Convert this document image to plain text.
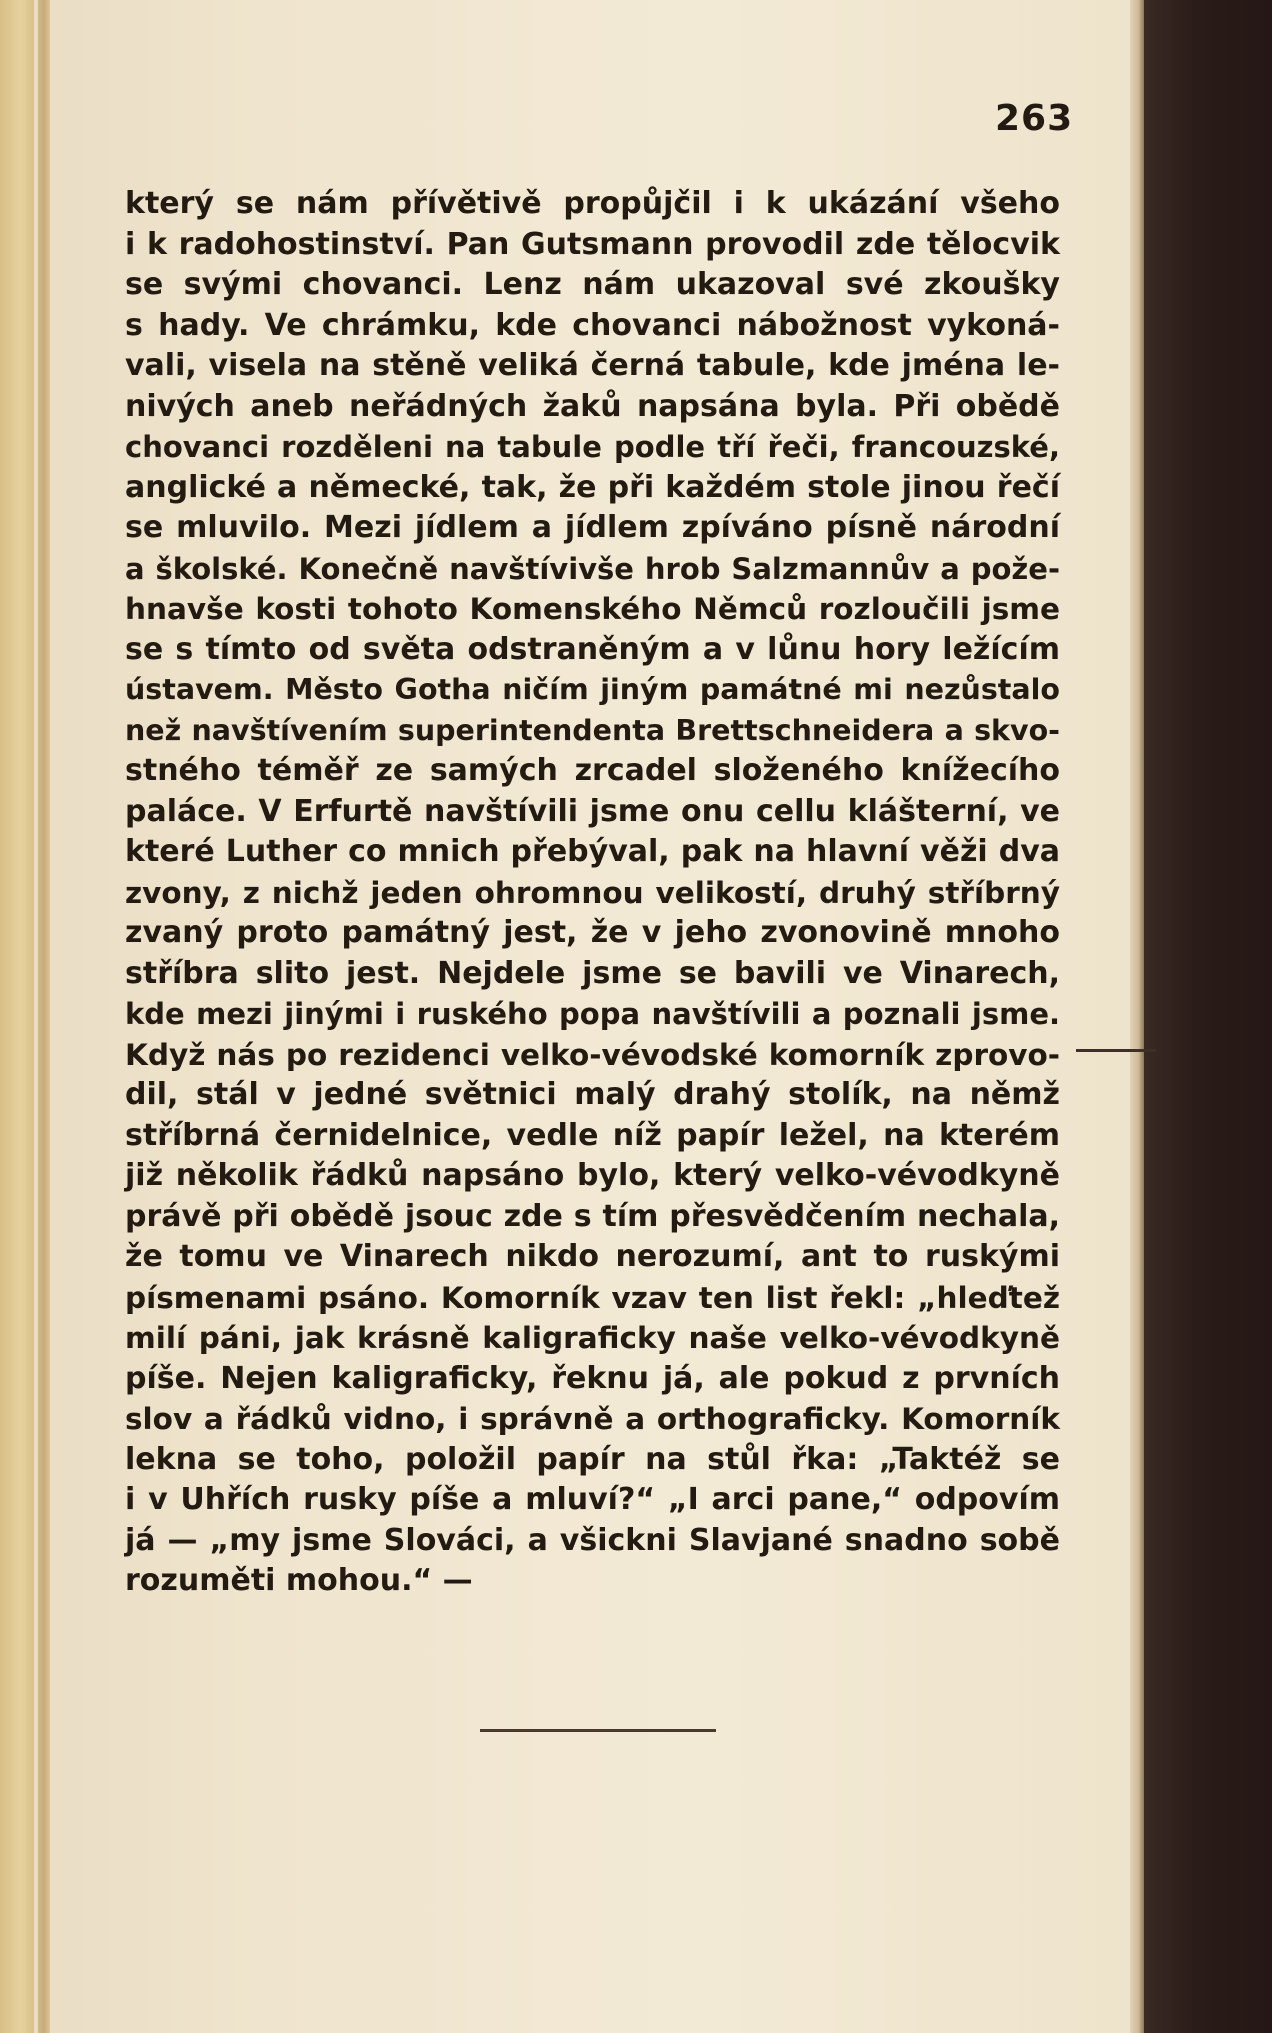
263
který se nám přívětivě propůjčil i k ukázání všeho
i k radohostinství. Pan Gutsmann provodil zde tělocvik
se svými chovanci. Lenz nám ukazoval své zkoušky
s hady. Ve chrámku, kde chovanci nábožnost vykoná-
vali, visela na stěně veliká černá tabule, kde jména le-
nivých aneb neřádných žaků napsána byla. Při obědě
chovanci rozděleni na tabule podle tří řeči, francouzské,
anglické a německé, tak, že při každém stole jinou řečí
se mluvilo. Mezi jídlem a jídlem zpíváno písně národní
a školské. Konečně navštívivše hrob Salzmannův a požе-
hnavše kosti tohoto Komenského Němců rozloučili jsme
se s tímto od světa odstraněným a v lůnu hory ležícím
ústavem. Město Gotha ničím jiným památné mi nezůstalo
než navštívením superintendenta Brettschneidera a skvo-
stného téměř ze samých zrcadel složeného knížecího
paláce. V Erfurtě navštívili jsme onu cellu klášterní, ve
které Luther co mnich přebýval, pak na hlavní věži dva
zvony, z nichž jeden ohromnou velikostí, druhý stříbrný
zvaný proto památný jest, že v jeho zvonovině mnoho
stříbra slito jest. Nejdele jsme se bavili ve Vinarech,
kde mezi jinými i ruského popa navštívili a poznali jsme.
Když nás po rezidenci velko-vévodské komorník zprovo-
dil, stál v jedné světnici malý drahý stolík, na němž
stříbrná černidelnice, vedle níž papír ležel, na kterém
již několik řádků napsáno bylo, který velko-vévodkyně
právě při obědě jsouc zde s tím přesvědčením nechala,
že tomu ve Vinarech nikdo nerozumí, ant to ruskými
písmenami psáno. Komorník vzav ten list řekl: „hleďtež
milí páni, jak krásně kaligraficky naše velko-vévodkyně
píše. Nejen kaligraficky, řeknu já, ale pokud z prvních
slov a řádků vidno, i správně a orthograficky. Komorník
lekna se toho, položil papír na stůl řka: „Taktéž se
i v Uhřích rusky píše a mluví?“ „I arci pane,“ odpovím
já — „my jsme Slováci, a všickni Slavjané snadno sobě
rozuměti mohou.“ —
